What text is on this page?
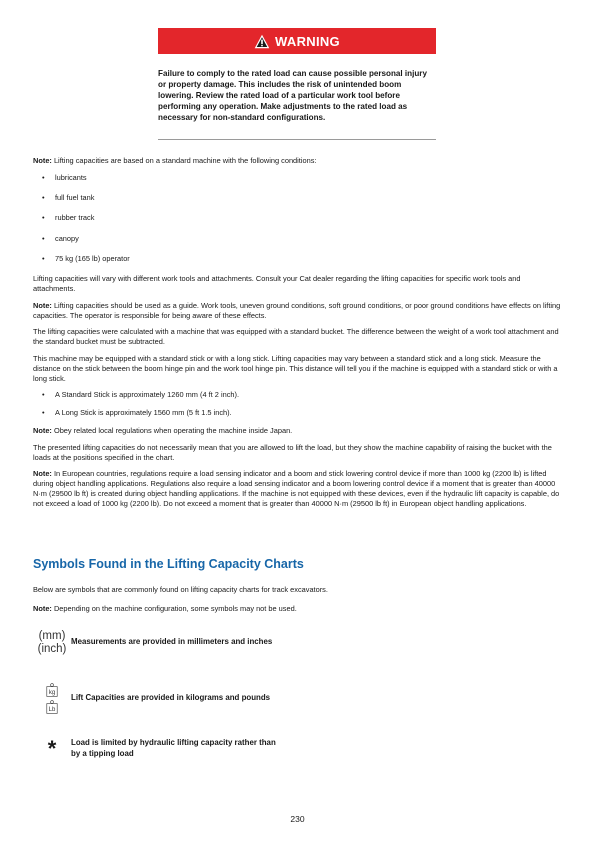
WARNING

Failure to comply to the rated load can cause possible personal injury or property damage. This includes the risk of unintended boom lowering. Review the rated load of a particular work tool before performing any operation. Make adjustments to the rated load as necessary for non-standard configurations.

Note: Lifting capacities are based on a standard machine with the following conditions:

• lubricants
• full fuel tank
• rubber track
• canopy
• 75 kg (165 lb) operator

Lifting capacities will vary with different work tools and attachments. Consult your Cat dealer regarding the lifting capacities for specific work tools and attachments.

Note: Lifting capacities should be used as a guide. Work tools, uneven ground conditions, soft ground conditions, or poor ground conditions have effects on lifting capacities. The operator is responsible for being aware of these effects.

The lifting capacities were calculated with a machine that was equipped with a standard bucket. The difference between the weight of a work tool attachment and the standard bucket must be subtracted.

This machine may be equipped with a standard stick or with a long stick. Lifting capacities may vary between a standard stick and a long stick. Measure the distance on the stick between the boom hinge pin and the work tool hinge pin. This distance will tell you if the machine is equipped with a standard stick or with a long stick.

• A Standard Stick is approximately 1260 mm (4 ft 2 inch).
• A Long Stick is approximately 1560 mm (5 ft 1.5 inch).

Note: Obey related local regulations when operating the machine inside Japan.

The presented lifting capacities do not necessarily mean that you are allowed to lift the load, but they show the machine capability of raising the bucket with the loads at the positions specified in the chart.

Note: In European countries, regulations require a load sensing indicator and a boom and stick lowering control device if more than 1000 kg (2200 lb) is lifted during object handling applications. Regulations also require a load sensing indicator and a boom lowering control device if a moment that is greater than 40000 N·m (29500 lb ft) is created during object handling applications. If the machine is not equipped with these devices, even if the hydraulic lift capacity is capable, do not exceed a load of 1000 kg (2200 lb). Do not exceed a moment that is greater than 40000 N·m (29500 lb ft) in European object handling applications.

Symbols Found in the Lifting Capacity Charts

Below are symbols that are commonly found on lifting capacity charts for track excavators.

Note: Depending on the machine configuration, some symbols may not be used.

(mm)
(inch)
Measurements are provided in millimeters and inches
kg
Lb
Lift Capacities are provided in kilograms and pounds
*	Load is limited by hydraulic lifting capacity rather than by a tipping load
230
